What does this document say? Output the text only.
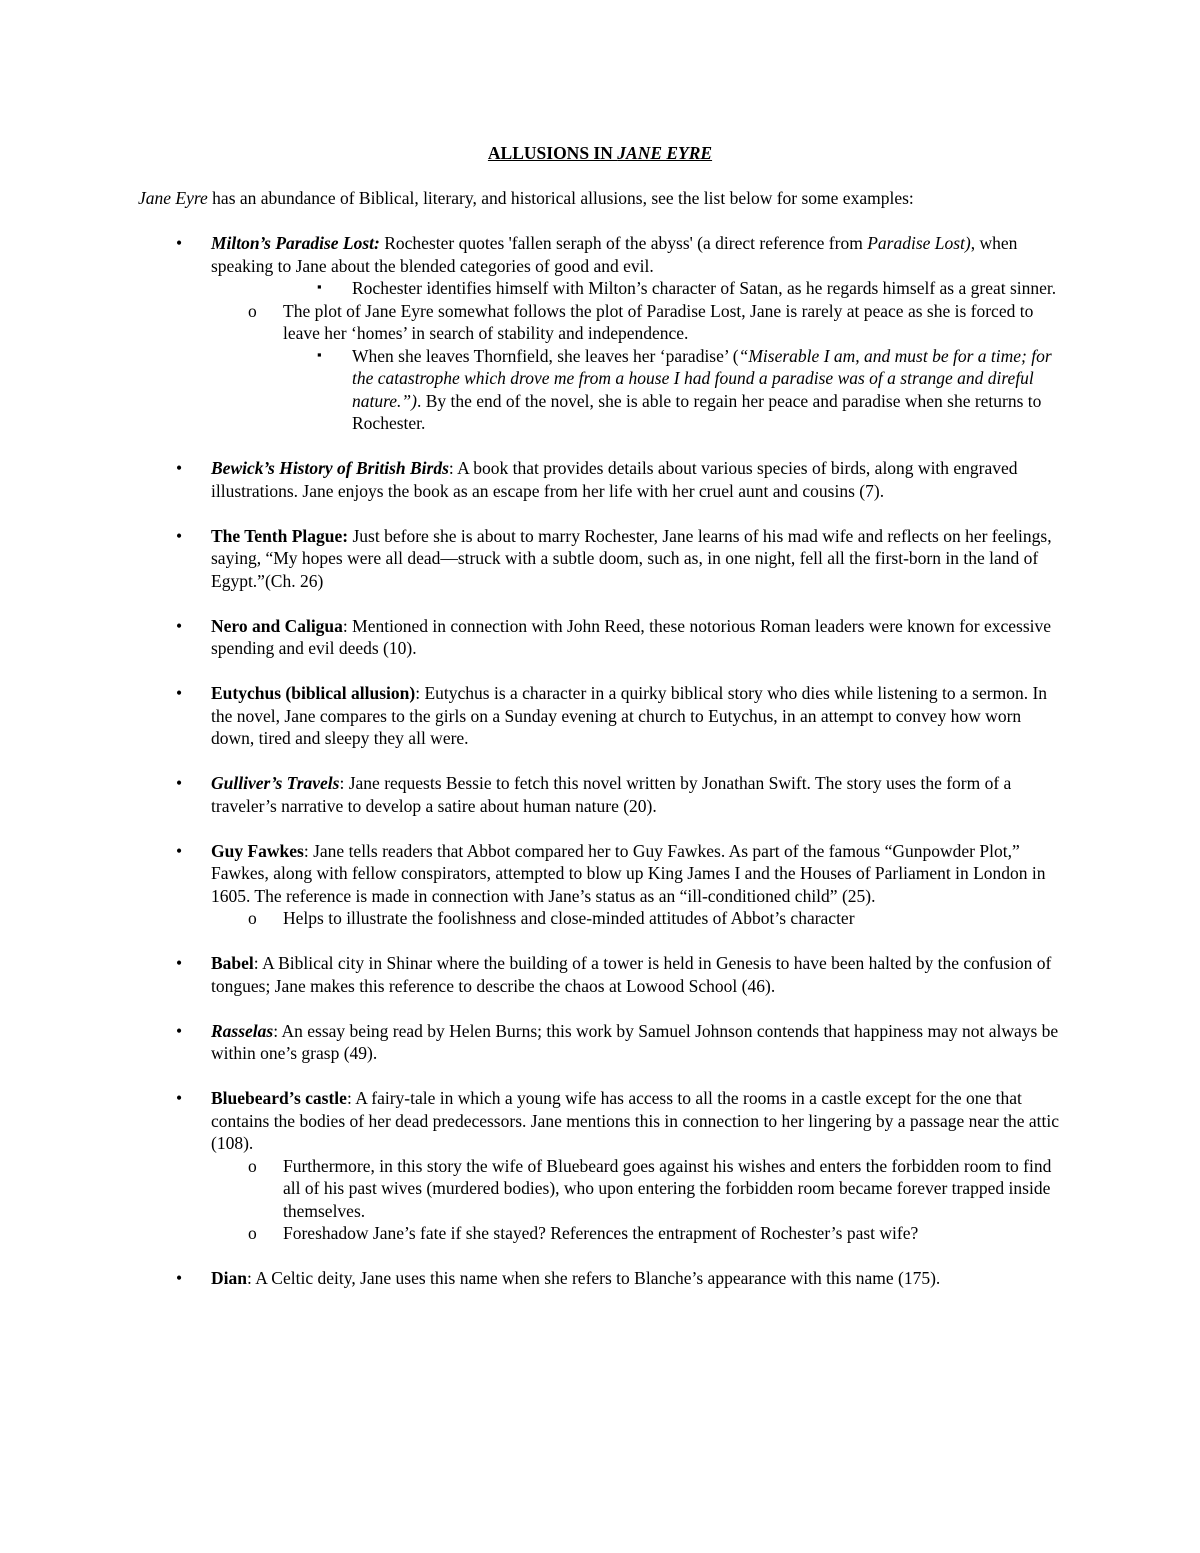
ALLUSIONS IN JANE EYRE

Jane Eyre has an abundance of Biblical, literary, and historical allusions, see the list below for some examples:

• Milton’s Paradise Lost: Rochester quotes 'fallen seraph of the abyss' (a direct reference from Paradise Lost), when speaking to Jane about the blended categories of good and evil.
▪ Rochester identifies himself with Milton’s character of Satan, as he regards himself as a great sinner.
o The plot of Jane Eyre somewhat follows the plot of Paradise Lost, Jane is rarely at peace as she is forced to leave her ‘homes’ in search of stability and independence.
▪ When she leaves Thornfield, she leaves her ‘paradise’ (“Miserable I am, and must be for a time; for the catastrophe which drove me from a house I had found a paradise was of a strange and direful nature.”). By the end of the novel, she is able to regain her peace and paradise when she returns to Rochester.
• Bewick’s History of British Birds: A book that provides details about various species of birds, along with engraved illustrations. Jane enjoys the book as an escape from her life with her cruel aunt and cousins (7).
• The Tenth Plague: Just before she is about to marry Rochester, Jane learns of his mad wife and reflects on her feelings, saying, “My hopes were all dead—struck with a subtle doom, such as, in one night, fell all the first-born in the land of Egypt.”(Ch. 26)
• Nero and Caligua: Mentioned in connection with John Reed, these notorious Roman leaders were known for excessive spending and evil deeds (10).
• Eutychus (biblical allusion): Eutychus is a character in a quirky biblical story who dies while listening to a sermon. In the novel, Jane compares to the girls on a Sunday evening at church to Eutychus, in an attempt to convey how worn down, tired and sleepy they all were.
• Gulliver’s Travels: Jane requests Bessie to fetch this novel written by Jonathan Swift. The story uses the form of a traveler’s narrative to develop a satire about human nature (20).
• Guy Fawkes: Jane tells readers that Abbot compared her to Guy Fawkes. As part of the famous “Gunpowder Plot,” Fawkes, along with fellow conspirators, attempted to blow up King James I and the Houses of Parliament in London in 1605. The reference is made in connection with Jane’s status as an “ill-conditioned child” (25).
o Helps to illustrate the foolishness and close-minded attitudes of Abbot’s character
• Babel: A Biblical city in Shinar where the building of a tower is held in Genesis to have been halted by the confusion of tongues; Jane makes this reference to describe the chaos at Lowood School (46).
• Rasselas: An essay being read by Helen Burns; this work by Samuel Johnson contends that happiness may not always be within one’s grasp (49).
• Bluebeard’s castle: A fairy-tale in which a young wife has access to all the rooms in a castle except for the one that contains the bodies of her dead predecessors. Jane mentions this in connection to her lingering by a passage near the attic (108).
o Furthermore, in this story the wife of Bluebeard goes against his wishes and enters the forbidden room to find all of his past wives (murdered bodies), who upon entering the forbidden room became forever trapped inside themselves.
o Foreshadow Jane’s fate if she stayed? References the entrapment of Rochester’s past wife?
• Dian: A Celtic deity, Jane uses this name when she refers to Blanche’s appearance with this name (175).
